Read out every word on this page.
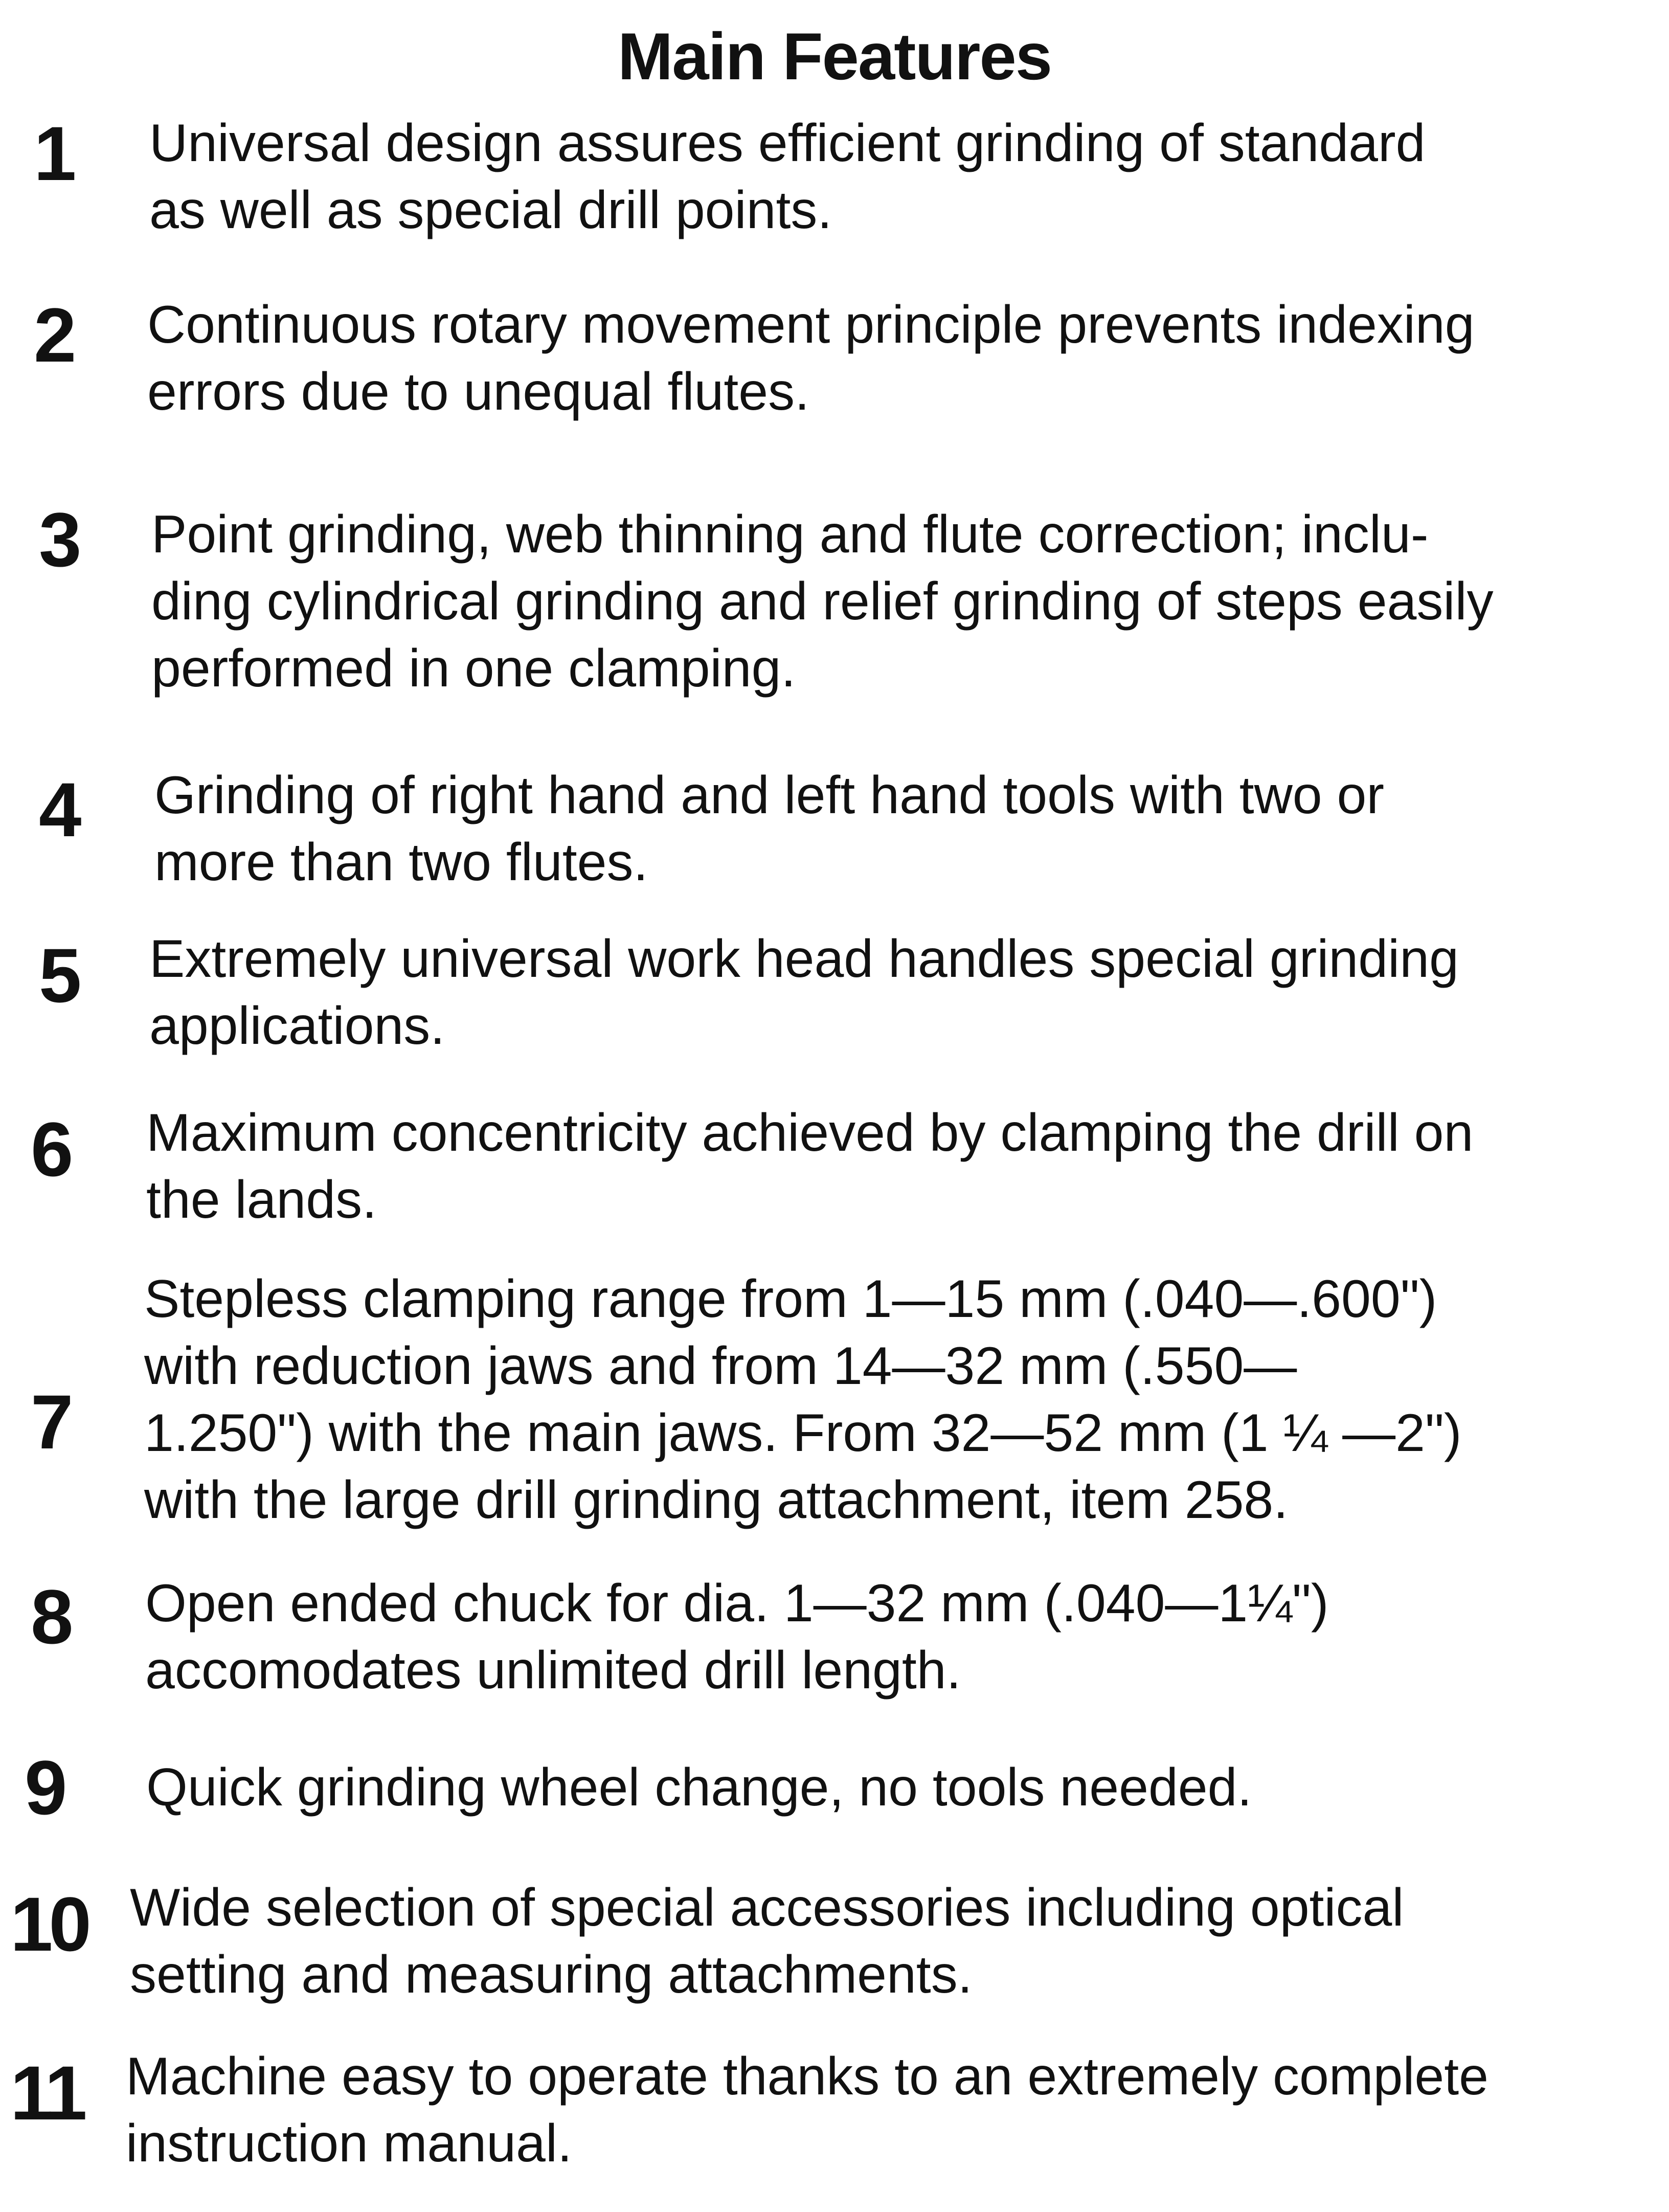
Main Features
1 Universal design assures efficient grinding of standard
as well as special drill points.
2 Continuous rotary movement principle prevents indexing
errors due to unequal flutes.
3 Point grinding, web thinning and flute correction; inclu-
ding cylindrical grinding and relief grinding of steps easily
performed in one clamping.
4 Grinding of right hand and left hand tools with two or
more than two flutes.
5 Extremely universal work head handles special grinding
applications.
6 Maximum concentricity achieved by clamping the drill on
the lands.
7
Stepless clamping range from 1—15 mm (.040—.600")
with reduction jaws and from 14—32 mm (.550—
1.250") with the main jaws. From 32—52 mm (1 ¼ —2")
with the large drill grinding attachment, item 258.
8 Open ended chuck for dia. 1—32 mm (.040—1¼")
accomodates unlimited drill length.
9 Quick grinding wheel change, no tools needed.
10 Wide selection of special accessories including optical
setting and measuring attachments.
11 Machine easy to operate thanks to an extremely complete
instruction manual.
